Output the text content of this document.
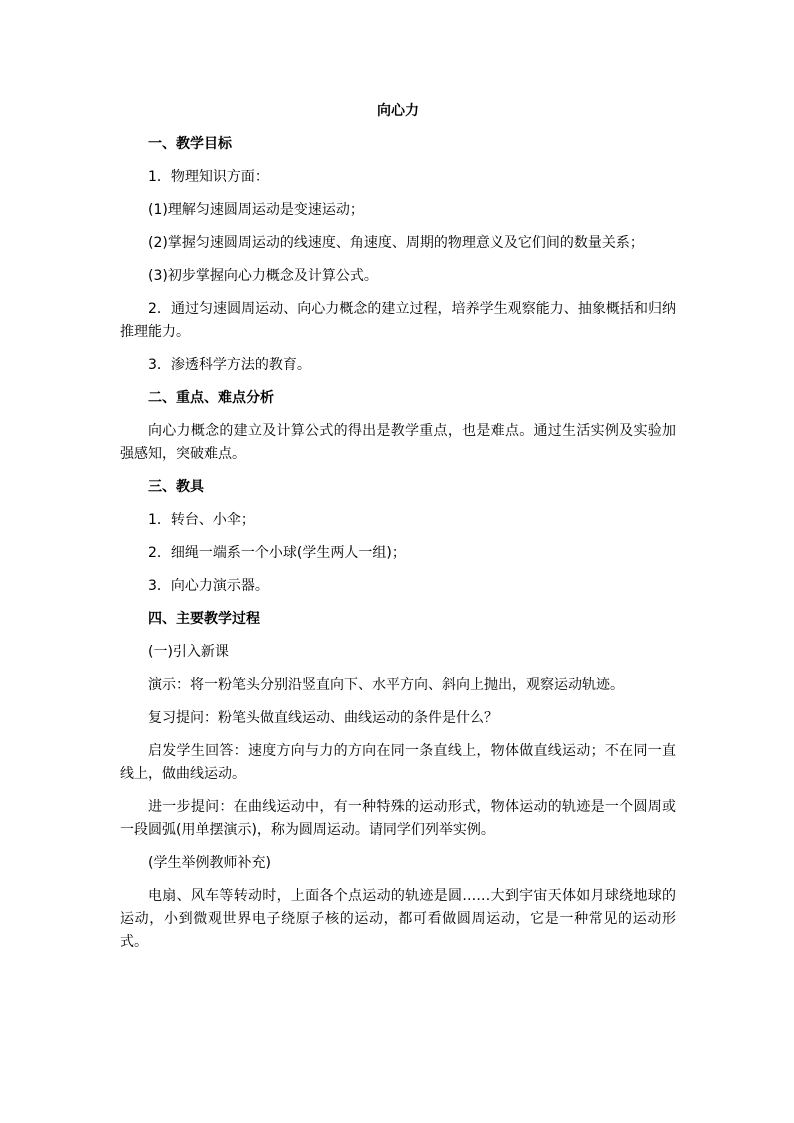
向心力
一、教学目标
1．物理知识方面：
(1)理解匀速圆周运动是变速运动；
(2)掌握匀速圆周运动的线速度、角速度、周期的物理意义及它们间的数量关系；
(3)初步掌握向心力概念及计算公式。
2．通过匀速圆周运动、向心力概念的建立过程，培养学生观察能力、抽象概括和归纳推理能力。
3．渗透科学方法的教育。
二、重点、难点分析
向心力概念的建立及计算公式的得出是教学重点，也是难点。通过生活实例及实验加强感知，突破难点。
三、教具
1．转台、小伞；
2．细绳一端系一个小球(学生两人一组)；
3．向心力演示器。
四、主要教学过程
(一)引入新课
演示：将一粉笔头分别沿竖直向下、水平方向、斜向上抛出，观察运动轨迹。
复习提问：粉笔头做直线运动、曲线运动的条件是什么？
启发学生回答：速度方向与力的方向在同一条直线上，物体做直线运动；不在同一直线上，做曲线运动。
进一步提问：在曲线运动中，有一种特殊的运动形式，物体运动的轨迹是一个圆周或一段圆弧(用单摆演示)，称为圆周运动。请同学们列举实例。
(学生举例教师补充)
电扇、风车等转动时，上面各个点运动的轨迹是圆……大到宇宙天体如月球绕地球的运动，小到微观世界电子绕原子核的运动，都可看做圆周运动，它是一种常见的运动形式。
